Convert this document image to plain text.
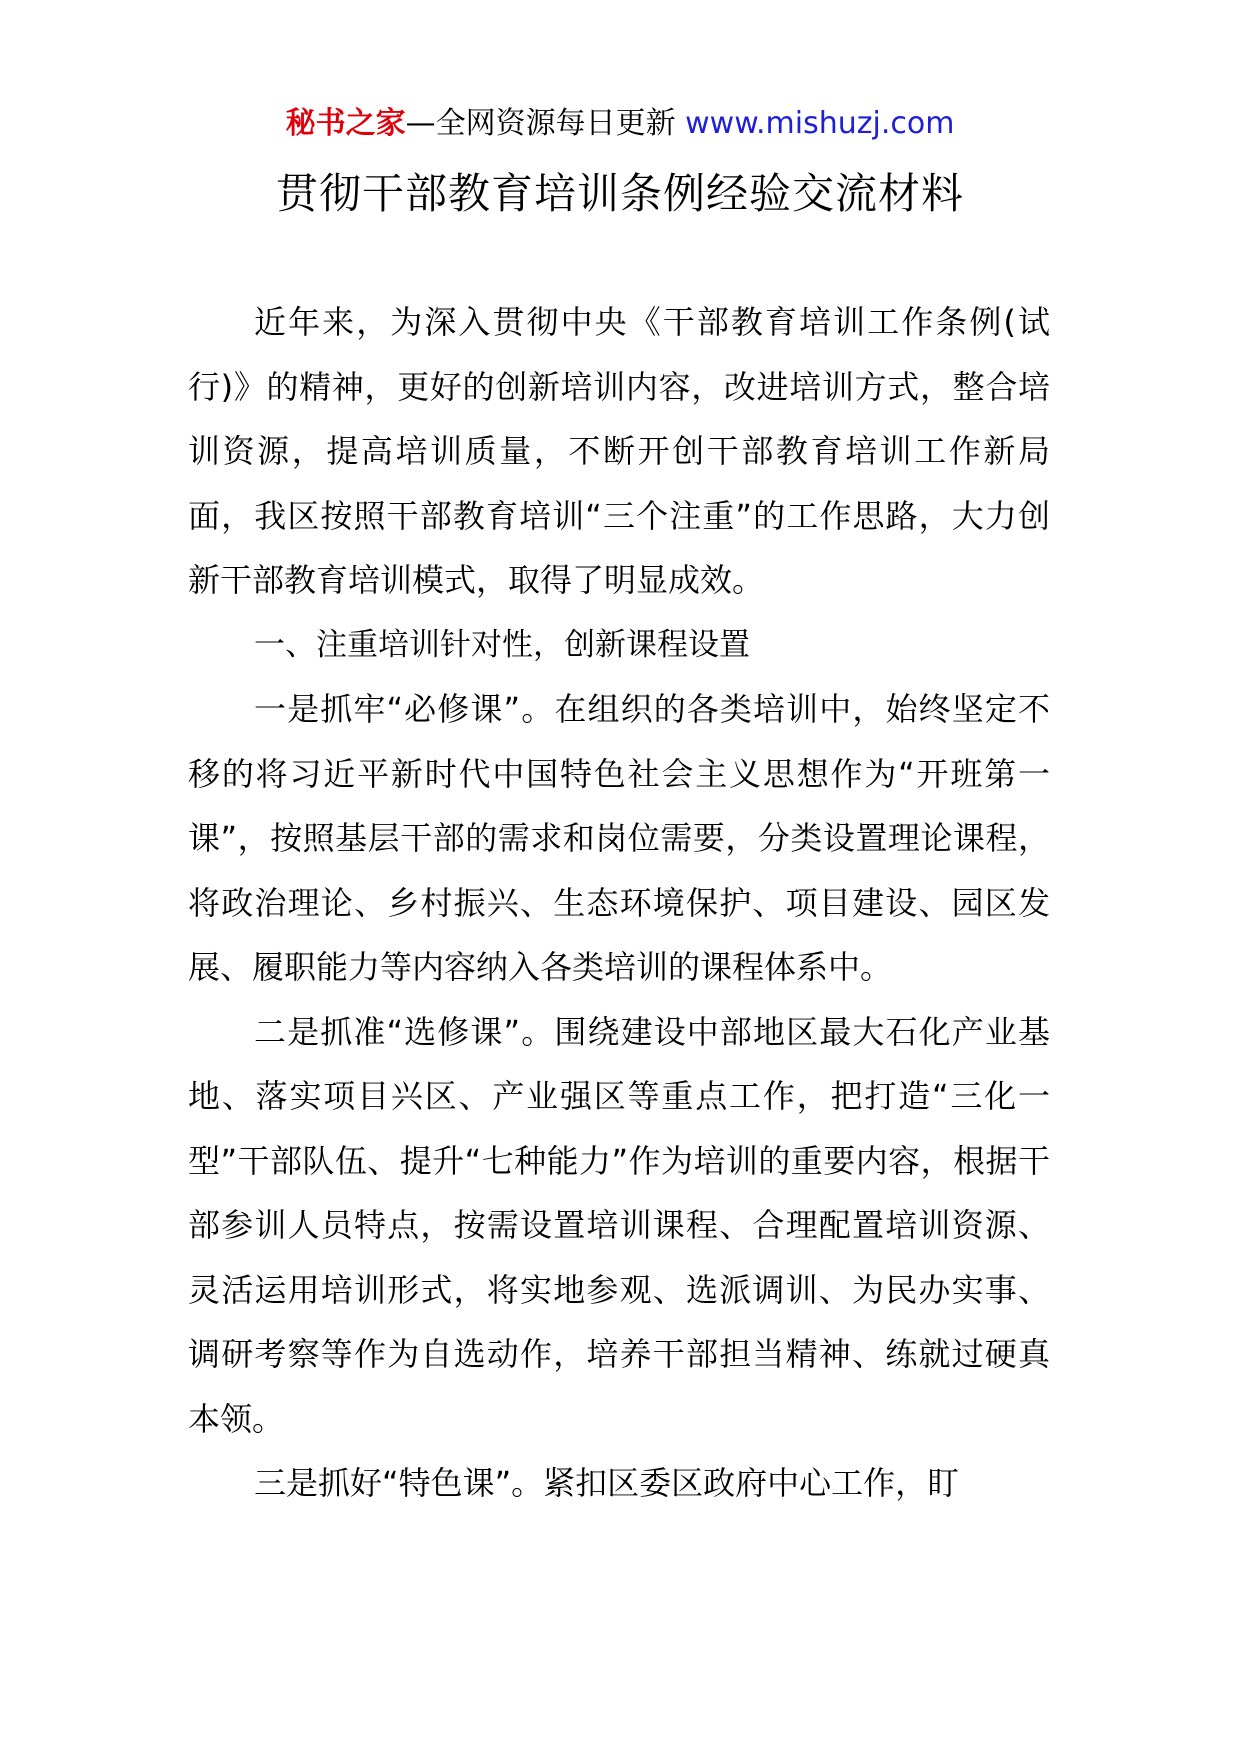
秘书之家—全网资源每日更新 www.mishuzj.com
贯彻干部教育培训条例经验交流材料

近年来，为深入贯彻中央《干部教育培训工作条例(试行)》的精神，更好的创新培训内容，改进培训方式，整合培训资源，提高培训质量，不断开创干部教育培训工作新局面，我区按照干部教育培训“三个注重”的工作思路，大力创新干部教育培训模式，取得了明显成效。

一、注重培训针对性，创新课程设置

一是抓牢“必修课”。在组织的各类培训中，始终坚定不移的将习近平新时代中国特色社会主义思想作为“开班第一课”，按照基层干部的需求和岗位需要，分类设置理论课程，将政治理论、乡村振兴、生态环境保护、项目建设、园区发展、履职能力等内容纳入各类培训的课程体系中。

二是抓准“选修课”。围绕建设中部地区最大石化产业基地、落实项目兴区、产业强区等重点工作，把打造“三化一型”干部队伍、提升“七种能力”作为培训的重要内容，根据干部参训人员特点，按需设置培训课程、合理配置培训资源、灵活运用培训形式，将实地参观、选派调训、为民办实事、调研考察等作为自选动作，培养干部担当精神、练就过硬真本领。

三是抓好“特色课”。紧扣区委区政府中心工作，盯
